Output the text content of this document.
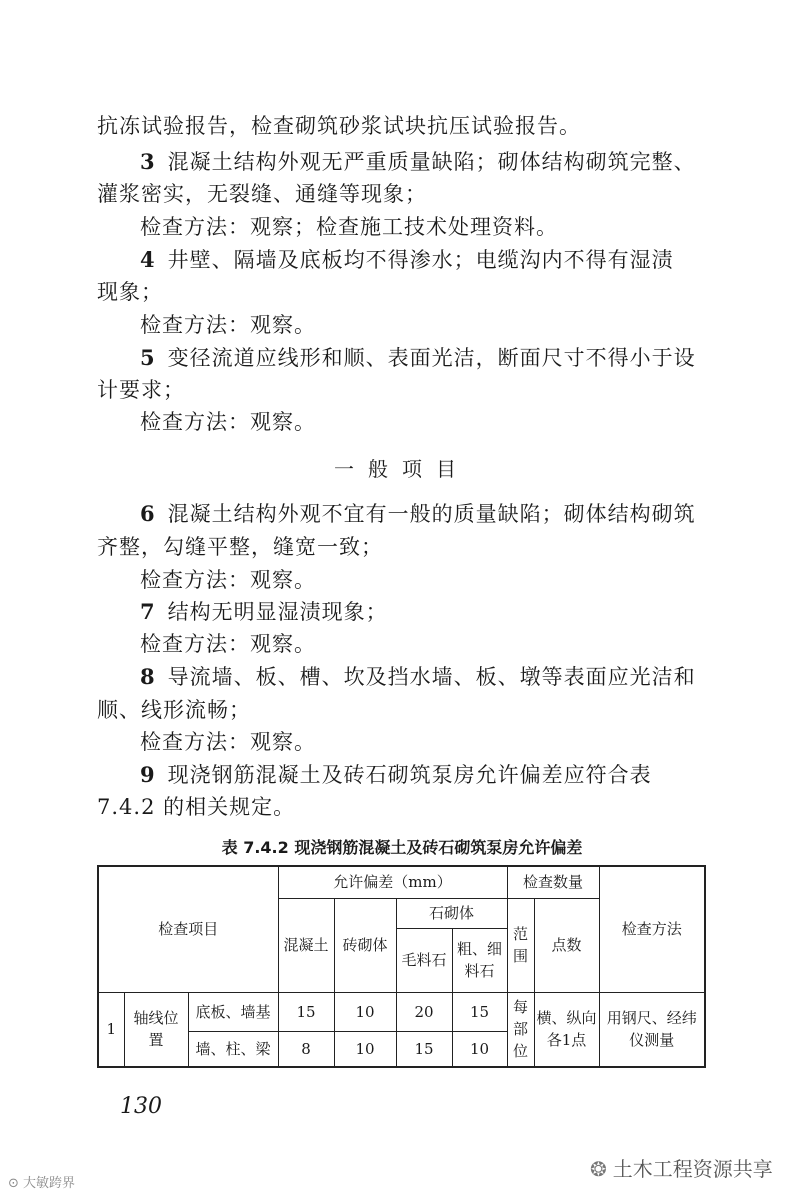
抗冻试验报告，检查砌筑砂浆试块抗压试验报告。
3 混凝土结构外观无严重质量缺陷；砌体结构砌筑完整、
灌浆密实，无裂缝、通缝等现象；
检查方法：观察；检查施工技术处理资料。
4 井壁、隔墙及底板均不得渗水；电缆沟内不得有湿渍
现象；
检查方法：观察。
5 变径流道应线形和顺、表面光洁，断面尺寸不得小于设
计要求；
检查方法：观察。
一般项目
6 混凝土结构外观不宜有一般的质量缺陷；砌体结构砌筑
齐整，勾缝平整，缝宽一致；
检查方法：观察。
7 结构无明显湿渍现象；
检查方法：观察。
8 导流墙、板、槽、坎及挡水墙、板、墩等表面应光洁和
顺、线形流畅；
检查方法：观察。
9 现浇钢筋混凝土及砖石砌筑泵房允许偏差应符合表
7.4.2 的相关规定。
表 7.4.2 现浇钢筋混凝土及砖石砌筑泵房允许偏差
检查项目			允许偏差（mm）				检查数量		检查方法
			混凝土	砖砌体	石砌体		范围	点数	
					毛料石	粗、细料石			
1	轴线位置	底板、墙基	15	10	20	15	每部位	横、纵向各1点	用钢尺、经纬仪测量
		墙、柱、梁	8	10	15	10			
130
⊙ 大敏跨界
❂ 土木工程资源共享
